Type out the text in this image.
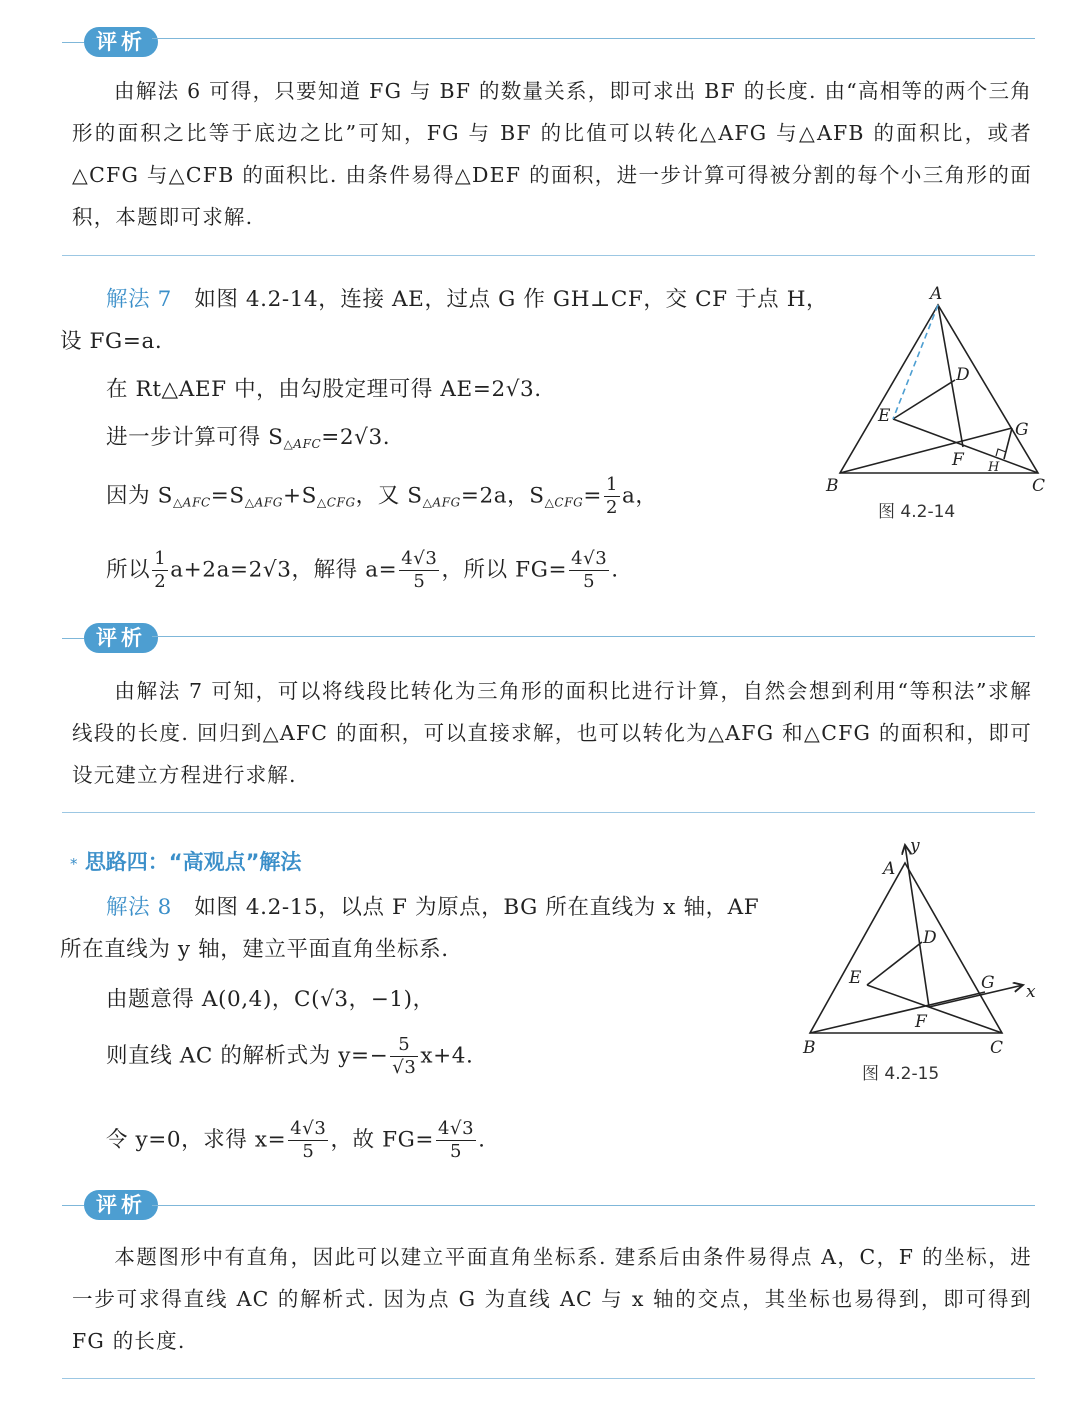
评析
由解法 6 可得，只要知道 FG 与 BF 的数量关系，即可求出 BF 的长度. 由“高相等的两个三角形的面积之比等于底边之比”可知，FG 与 BF 的比值可以转化△AFG 与△AFB 的面积比，或者△CFG 与△CFB 的面积比. 由条件易得△DEF 的面积，进一步计算可得被分割的每个小三角形的面积，本题即可求解.
解法 7 如图 4.2-14，连接 AE，过点 G 作 GH⊥CF，交 CF 于点 H，
设 FG=a.
在 Rt△AEF 中，由勾股定理可得 AE=2√3.
进一步计算可得 $S_{\triangle AFC}=2√3$.
因为 $S_{\triangle AFC}=S_{\triangle AFG}+S_{\triangle CFG}$，又 $S_{\triangle AFG}=2a$，$S_{\triangle CFG}= \frac{1}{2}$ a，
所以 $\frac{1}{2} a+2a=2√3$，解得 $a= \frac{4√3}{5}$ ，所以 $FG= \frac{4√3}{5}$ .
A
B	C
D
E
F
G
H
图 4.2-14
评析
由解法 7 可知，可以将线段比转化为三角形的面积比进行计算，自然会想到利用“等积法”求解线段的长度. 回归到△AFC 的面积，可以直接求解，也可以转化为△AFG 和△CFG 的面积和，即可设元建立方程进行求解.
* 思路四：“高观点”解法
解法 8 如图 4.2-15，以点 F 为原点，BG 所在直线为 x 轴，AF
所在直线为 y 轴，建立平面直角坐标系.
由题意得 A(0,4)，C(√3，−1)，
则直线 AC 的解析式为 $y=- \frac{5}{√3} x+4$.
令 y=0，求得 $x= \frac{4√3}{5}$ ，故 $FG= \frac{4√3}{5}$ .
A
B	C
D
E
F
G x
y
图 4.2-15
评析
本题图形中有直角，因此可以建立平面直角坐标系. 建系后由条件易得点 A，C，F 的坐标，进一步可求得直线 AC 的解析式. 因为点 G 为直线 AC 与 x 轴的交点，其坐标也易得到，即可得到 FG 的长度.
